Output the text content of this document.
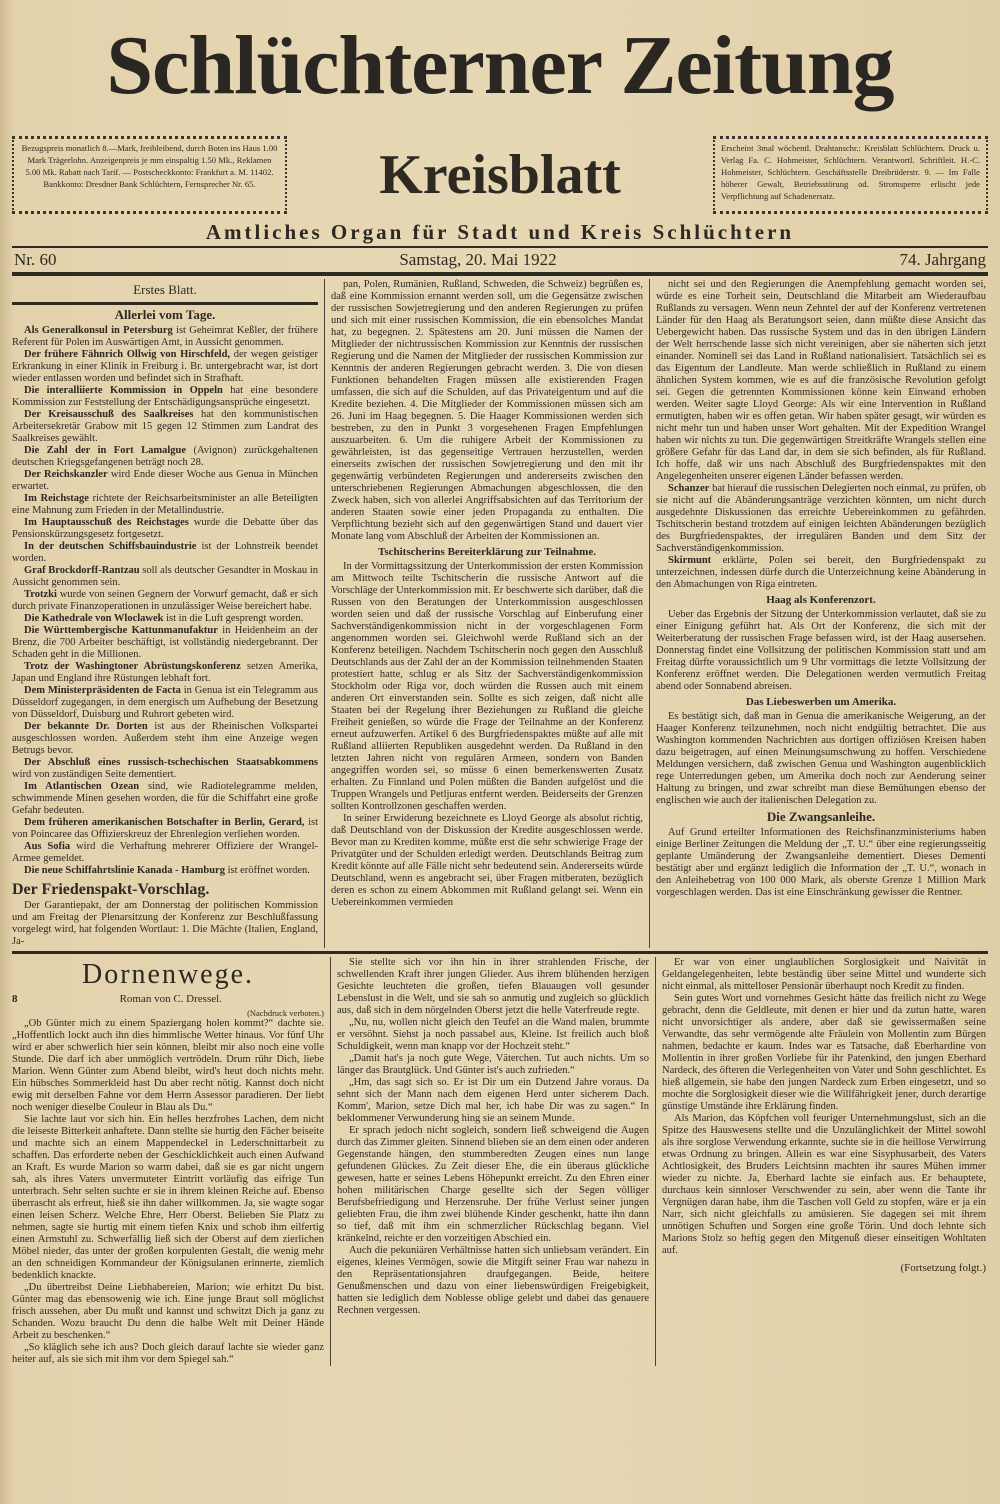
Schlüchterner Zeitung
Bezugspreis monatlich 8.—Mark, freibleibend, durch Boten ins Haus 1.00 Mark Trägerlohn. Anzeigenpreis je mm einspaltig 1.50 Mk., Reklamen 5.00 Mk. Rabatt nach Tarif. — Postscheckkonto: Frankfurt a. M. 11402. Bankkonto: Dresdner Bank Schlüchtern, Fernsprecher Nr. 65.	Kreisblatt	Erscheint 3mal wöchentl. Drahtanschr.: Kreisblatt Schlüchtern. Druck u. Verlag Fa. C. Hohmeister, Schlüchtern. Verantwortl. Schriftleit. H.-C. Hohmeister, Schlüchtern. Geschäftsstelle Dreibrüderstr. 9. — Im Falle höherer Gewalt, Betriebsstörung od. Stromsperre erlischt jede Verpflichtung auf Schadenersatz.
Amtliches Organ für Stadt und Kreis Schlüchtern
Nr. 60	Samstag, 20. Mai 1922	74. Jahrgang
Erstes Blatt.
Allerlei vom Tage.

Als Generalkonsul in Petersburg ist Geheimrat Keßler, der frühere Referent für Polen im Auswärtigen Amt, in Aussicht genommen.

Der frühere Fähnrich Ollwig von Hirschfeld, der wegen geistiger Erkrankung in einer Klinik in Freiburg i. Br. untergebracht war, ist dort wieder entlassen worden und befindet sich in Strafhaft.

Die interalliierte Kommission in Oppeln hat eine besondere Kommission zur Feststellung der Entschädigungsansprüche eingesetzt.

Der Kreisausschuß des Saalkreises hat den kommunistischen Arbeitersekretär Grabow mit 15 gegen 12 Stimmen zum Landrat des Saalkreises gewählt.

Die Zahl der in Fort Lamalgue (Avignon) zurückgehaltenen deutschen Kriegsgefangenen beträgt noch 28.

Der Reichskanzler wird Ende dieser Woche aus Genua in München erwartet.

Im Reichstage richtete der Reichsarbeitsminister an alle Beteiligten eine Mahnung zum Frieden in der Metallindustrie.

Im Hauptausschuß des Reichstages wurde die Debatte über das Pensionskürzungsgesetz fortgesetzt.

In der deutschen Schiffsbauindustrie ist der Lohnstreik beendet worden.

Graf Brockdorff-Rantzau soll als deutscher Gesandter in Moskau in Aussicht genommen sein.

Trotzki wurde von seinen Gegnern der Vorwurf gemacht, daß er sich durch private Finanzoperationen in unzulässiger Weise bereichert habe.

Die Kathedrale von Wloclawek ist in die Luft gesprengt worden.

Die Württembergische Kattunmanufaktur in Heidenheim an der Brenz, die 700 Arbeiter beschäftigt, ist vollständig niedergebrannt. Der Schaden geht in die Millionen.

Trotz der Washingtoner Abrüstungskonferenz setzen Amerika, Japan und England ihre Rüstungen lebhaft fort.

Dem Ministerpräsidenten de Facta in Genua ist ein Telegramm aus Düsseldorf zugegangen, in dem energisch um Aufhebung der Besetzung von Düsseldorf, Duisburg und Ruhrort gebeten wird.

Der bekannte Dr. Dorten ist aus der Rheinischen Volkspartei ausgeschlossen worden. Außerdem steht ihm eine Anzeige wegen Betrugs bevor.

Der Abschluß eines russisch-tschechischen Staatsabkommens wird von zuständigen Seite dementiert.

Im Atlantischen Ozean sind, wie Radiotelegramme melden, schwimmende Minen gesehen worden, die für die Schiffahrt eine große Gefahr bedeuten.

Dem früheren amerikanischen Botschafter in Berlin, Gerard, ist von Poincaree das Offizierskreuz der Ehrenlegion verliehen worden.

Aus Sofia wird die Verhaftung mehrerer Offiziere der Wrangel-Armee gemeldet.

Die neue Schiffahrtslinie Kanada - Hamburg ist eröffnet worden.

Der Friedenspakt-Vorschlag.

Der Garantiepakt, der am Donnerstag der politischen Kommission und am Freitag der Plenarsitzung der Konferenz zur Beschlußfassung vorgelegt wird, hat folgenden Wortlaut: 1. Die Mächte (Italien, England, Ja-

pan, Polen, Rumänien, Rußland, Schweden, die Schweiz) begrüßen es, daß eine Kommission ernannt werden soll, um die Gegensätze zwischen der russischen Sowjetregierung und den anderen Regierungen zu prüfen und sich mit einer russischen Kommission, die ein ebensolches Mandat hat, zu begegnen. 2. Spätestens am 20. Juni müssen die Namen der Mitglieder der nichtrussischen Kommission zur Kenntnis der russischen Regierung und die Namen der Mitglieder der russischen Kommission zur Kenntnis der anderen Regierungen gebracht werden. 3. Die von diesen Funktionen behandelten Fragen müssen alle existierenden Fragen umfassen, die sich auf die Schulden, auf das Privateigentum und auf die Kredite beziehen. 4. Die Mitglieder der Kommissionen müssen sich am 26. Juni im Haag begegnen. 5. Die Haager Kommissionen werden sich bestreben, zu den in Punkt 3 vorgesehenen Fragen Empfehlungen auszuarbeiten. 6. Um die ruhigere Arbeit der Kommissionen zu gewährleisten, ist das gegenseitige Vertrauen herzustellen, werden einerseits zwischen der russischen Sowjetregierung und den mit ihr gegenwärtig verbündeten Regierungen und andererseits zwischen den unterschriebenen Regierungen Abmachungen abgeschlossen, die den Zweck haben, sich von allerlei Angriffsabsichten auf das Territorium der anderen Staaten sowie einer jeden Propaganda zu enthalten. Die Verpflichtung bezieht sich auf den gegenwärtigen Stand und dauert vier Monate lang vom Abschluß der Arbeiten der Kommissionen an.

Tschitscherins Bereiterklärung zur Teilnahme.

In der Vormittagssitzung der Unterkommission der ersten Kommission am Mittwoch teilte Tschitscherin die russische Antwort auf die Vorschläge der Unterkommission mit. Er beschwerte sich darüber, daß die Russen von den Beratungen der Unterkommission ausgeschlossen worden seien und daß der russische Vorschlag auf Einberufung einer Sachverständigenkommission nicht in der vorgeschlagenen Form angenommen worden sei. Gleichwohl werde Rußland sich an der Konferenz beteiligen. Nachdem Tschitscherin noch gegen den Ausschluß Deutschlands aus der Zahl der an der Kommission teilnehmenden Staaten protestiert hatte, schlug er als Sitz der Sachverständigenkommission Stockholm oder Riga vor, doch würden die Russen auch mit einem anderen Ort einverstanden sein. Sollte es sich zeigen, daß nicht alle Staaten bei der Regelung ihrer Beziehungen zu Rußland die gleiche Freiheit genießen, so würde die Frage der Teilnahme an der Konferenz erneut aufzuwerfen. Artikel 6 des Burgfriedenspaktes müßte auf alle mit Rußland alliierten Republiken ausgedehnt werden. Da Rußland in den letzten Jahren nicht von regulären Armeen, sondern von Banden angegriffen worden sei, so müsse 6 einen bemerkenswerten Zusatz erhalten. Zu Finnland und Polen müßten die Banden aufgelöst und die Truppen Wrangels und Petljuras entfernt werden. Beiderseits der Grenzen sollten Kontrollzonen geschaffen werden.

In seiner Erwiderung bezeichnete es Lloyd George als absolut richtig, daß Deutschland von der Diskussion der Kredite ausgeschlossen werde. Bevor man zu Krediten komme, müßte erst die sehr schwierige Frage der Privatgüter und der Schulden erledigt werden. Deutschlands Beitrag zum Kredit könnte auf alle Fälle nicht sehr bedeutend sein. Andererseits würde Deutschland, wenn es angebracht sei, über Fragen mitberaten, bezüglich deren es schon zu einem Abkommen mit Rußland gelangt sei. Wenn ein Uebereinkommen vermieden

nicht sei und den Regierungen die Anempfehlung gemacht worden sei, würde es eine Torheit sein, Deutschland die Mitarbeit am Wiederaufbau Rußlands zu versagen. Wenn neun Zehntel der auf der Konferenz vertretenen Länder für den Haag als Beratungsort seien, dann müßte diese Ansicht das Uebergewicht haben. Das russische System und das in den übrigen Ländern der Welt herrschende lasse sich nicht vereinigen, aber sie näherten sich jetzt einander. Nominell sei das Land in Rußland nationalisiert. Tatsächlich sei es das Eigentum der Landleute. Man werde schließlich in Rußland zu einem ähnlichen System kommen, wie es auf die französische Revolution gefolgt sei. Gegen die getrennten Kommissionen könne kein Einwand erhoben werden. Weiter sagte Lloyd George: Als wir eine Intervention in Rußland ermutigten, haben wir es offen getan. Wir haben später gesagt, wir würden es nicht mehr tun und haben unser Wort gehalten. Mit der Expedition Wrangel haben wir nichts zu tun. Die gegenwärtigen Streitkräfte Wrangels stellen eine größere Gefahr für das Land dar, in dem sie sich befinden, als für Rußland. Ich hoffe, daß wir uns nach Abschluß des Burgfriedenspaktes mit den Angelegenheiten unserer eigenen Länder befassen werden.

Schanzer bat hierauf die russischen Delegierten noch einmal, zu prüfen, ob sie nicht auf die Abänderungsanträge verzichten könnten, um nicht durch ausgedehnte Diskussionen das erreichte Uebereinkommen zu gefährden. Tschitscherin bestand trotzdem auf einigen leichten Abänderungen bezüglich des Burgfriedenspaktes, der irregulären Banden und dem Sitz der Sachverständigenkommission.

Skirmunt erklärte, Polen sei bereit, den Burgfriedenspakt zu unterzeichnen, indessen dürfe durch die Unterzeichnung keine Abänderung in den Abmachungen von Riga eintreten.

Haag als Konferenzort.

Ueber das Ergebnis der Sitzung der Unterkommission verlautet, daß sie zu einer Einigung geführt hat. Als Ort der Konferenz, die sich mit der Weiterberatung der russischen Frage befassen wird, ist der Haag ausersehen. Donnerstag findet eine Vollsitzung der politischen Kommission statt und am Freitag dürfte voraussichtlich um 9 Uhr vormittags die letzte Vollsitzung der Konferenz eröffnet werden. Die Delegationen werden vermutlich Freitag abend oder Sonnabend abreisen.

Das Liebeswerben um Amerika.

Es bestätigt sich, daß man in Genua die amerikanische Weigerung, an der Haager Konferenz teilzunehmen, noch nicht endgültig betrachtet. Die aus Washington kommenden Nachrichten aus dortigen offiziösen Kreisen haben dazu beigetragen, auf einen Meinungsumschwung zu hoffen. Verschiedene Meldungen versichern, daß zwischen Genua und Washington augenblicklich rege Unterredungen geben, um Amerika doch noch zur Aenderung seiner Haltung zu bringen, und zwar schreibt man diese Bemühungen ebenso der englischen wie auch der italienischen Delegation zu.

Die Zwangsanleihe.

Auf Grund erteilter Informationen des Reichsfinanzministeriums haben einige Berliner Zeitungen die Meldung der „T. U.“ über eine regierungsseitig geplante Umänderung der Zwangsanleihe dementiert. Dieses Dementi bestätigt aber und ergänzt lediglich die Information der „T. U.“, wonach in den Anleihebetrag von 100 000 Mark, als oberste Grenze 1 Million Mark vorgeschlagen werden. Das ist eine Einschränkung gewisser die Rentner.

Dornenwege.
8	Roman von C. Dressel.
(Nachdruck verboten.)

„Ob Günter mich zu einem Spaziergang holen kommt?“ dachte sie. „Hoffentlich lockt auch ihn dies himmlische Wetter hinaus. Vor fünf Uhr wird er aber schwerlich hier sein können, bleibt mir also noch eine volle Stunde. Die darf ich aber unmöglich vertrödeln. Drum rühr Dich, liebe Marion. Wenn Günter zum Abend bleibt, wird's heut doch nichts mehr. Ein hübsches Sommerkleid hast Du aber recht nötig. Kannst doch nicht ewig mit derselben Fahne vor dem Herrn Assessor paradieren. Der liebt noch weniger dieselbe Couleur in Blau als Du.“

Sie lachte laut vor sich hin. Ein helles herzfrohes Lachen, dem nicht die leiseste Bitterkeit anhaftete. Dann stellte sie hurtig den Fächer beiseite und machte sich an einem Mappendeckel in Lederschnittarbeit zu schaffen. Das erforderte neben der Geschicklichkeit auch einen Aufwand an Kraft. Es wurde Marion so warm dabei, daß sie es gar nicht ungern sah, als ihres Vaters unvermuteter Eintritt vorläufig das eifrige Tun unterbrach. Sehr selten suchte er sie in ihrem kleinen Reiche auf. Ebenso überrascht als erfreut, hieß sie ihn daher willkommen. Ja, sie wagte sogar einen leisen Scherz. Welche Ehre, Herr Oberst. Belieben Sie Platz zu nehmen, sagte sie hurtig mit einem tiefen Knix und schob ihm eilfertig einen Armstuhl zu. Schwerfällig ließ sich der Oberst auf dem zierlichen Möbel nieder, das unter der großen korpulenten Gestalt, die wenig mehr an den schneidigen Kommandeur der Königsulanen erinnerte, ziemlich bedenklich knackte.

„Du übertreibst Deine Liebhabereien, Marion; wie erhitzt Du bist. Günter mag das ebensowenig wie ich. Eine junge Braut soll möglichst frisch aussehen, aber Du mußt und kannst und schwitzt Dich ja ganz zu Schanden. Wozu braucht Du denn die halbe Welt mit Deiner Hände Arbeit zu beschenken.“

„So kläglich sehe ich aus? Doch gleich darauf lachte sie wieder ganz heiter auf, als sie sich mit ihm vor dem Spiegel sah.“

Sie stellte sich vor ihn hin in ihrer strahlenden Frische, der schwellenden Kraft ihrer jungen Glieder. Aus ihrem blühenden herzigen Gesichte leuchteten die großen, tiefen Blauaugen voll gesunder Lebenslust in die Welt, und sie sah so anmutig und zugleich so glücklich aus, daß sich in dem nörgelnden Oberst jetzt die helle Vaterfreude regte.

„Nu, nu, wollen nicht gleich den Teufel an die Wand malen, brummte er versöhnt. Siehst ja noch passabel aus, Kleine. Ist freilich auch bloß Schuldigkeit, wenn man knapp vor der Hochzeit steht.“

„Damit hat's ja noch gute Wege, Väterchen. Tut auch nichts. Um so länger das Brautglück. Und Günter ist's auch zufrieden.“

„Hm, das sagt sich so. Er ist Dir um ein Dutzend Jahre voraus. Da sehnt sich der Mann nach dem eigenen Herd unter sicherem Dach. Komm', Marion, setze Dich mal her, ich habe Dir was zu sagen.“ In beklommener Verwunderung hing sie an seinem Munde.

Er sprach jedoch nicht sogleich, sondern ließ schweigend die Augen durch das Zimmer gleiten. Sinnend blieben sie an dem einen oder anderen Gegenstande hängen, den stummberedten Zeugen eines nun lange gefundenen Glückes. Zu Zeit dieser Ehe, die ein überaus glückliche gewesen, hatte er seines Lebens Höhepunkt erreicht. Zu den Ehren einer hohen militärischen Charge gesellte sich der Segen völliger Berufsbefriedigung und Herzensruhe. Der frühe Verlust seiner jungen geliebten Frau, die ihm zwei blühende Kinder geschenkt, hatte ihn dann so tief, daß mit ihm ein schmerzlicher Rückschlag begann. Viel kränkelnd, reichte er den vorzeitigen Abschied ein.

Auch die pekuniären Verhältnisse hatten sich unliebsam verändert. Ein eigenes, kleines Vermögen, sowie die Mitgift seiner Frau war nahezu in den Repräsentationsjahren draufgegangen. Beide, heitere Genußmenschen und dazu von einer liebenswürdigen Freigebigkeit, hatten sie lediglich dem Noblesse oblige gelebt und dabei das genauere Rechnen vergessen.

Er war von einer unglaublichen Sorglosigkeit und Naivität in Geldangelegenheiten, lebte beständig über seine Mittel und wunderte sich nicht einmal, als mittelloser Pensionär überhaupt noch Kredit zu finden.

Sein gutes Wort und vornehmes Gesicht hätte das freilich nicht zu Wege gebracht, denn die Geldleute, mit denen er hier und da zutun hatte, waren nicht unvorsichtiger als andere, aber daß sie gewissermaßen seine Verwandte, das sehr vermögende alte Fräulein von Mollentin zum Bürgen nahmen, bedachte er kaum. Indes war es Tatsache, daß Eberhardine von Mollentin in ihrer großen Vorliebe für ihr Patenkind, den jungen Eberhard Nardeck, des öfteren die Verlegenheiten von Vater und Sohn geschlichtet. Es hieß allgemein, sie habe den jungen Nardeck zum Erben eingesetzt, und so mochte die Sorglosigkeit dieser wie die Willfährigkeit jener, durch derartige günstige Umstände ihre Erklärung finden.

Als Marion, das Köpfchen voll feuriger Unternehmungslust, sich an die Spitze des Hauswesens stellte und die Unzulänglichkeit der Mittel sowohl als ihre sorglose Verwendung erkannte, suchte sie in die heillose Verwirrung etwas Ordnung zu bringen. Allein es war eine Sisyphusarbeit, des Vaters Achtlosigkeit, des Bruders Leichtsinn machten ihr saures Mühen immer wieder zu nichte. Ja, Eberhard lachte sie einfach aus. Er behauptete, durchaus kein sinnloser Verschwender zu sein, aber wenn die Tante ihr Vergnügen daran habe, ihm die Taschen voll Geld zu stopfen, wäre er ja ein Narr, sich nicht gleichfalls zu amüsieren. Sie dagegen sei mit ihrem unnötigen Schuften und Sorgen eine große Törin. Und doch lehnte sich Marions Stolz so heftig gegen den Mitgenuß dieser einseitigen Wohltaten auf.

(Fortsetzung folgt.)
